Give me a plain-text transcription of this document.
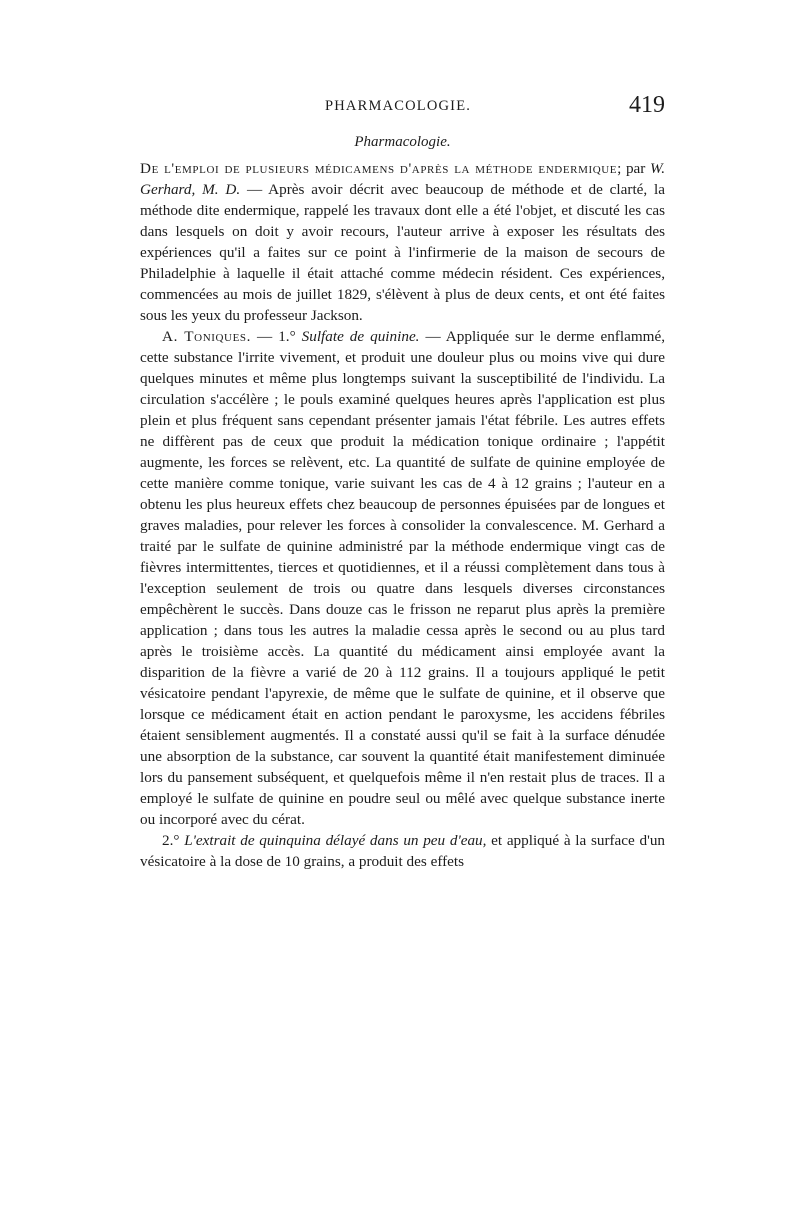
PHARMACOLOGIE.	419
Pharmacologie.

De l'emploi de plusieurs médicamens d'après la méthode endermique; par W. Gerhard, M. D. — Après avoir décrit avec beaucoup de méthode et de clarté, la méthode dite endermique, rappelé les travaux dont elle a été l'objet, et discuté les cas dans lesquels on doit y avoir recours, l'auteur arrive à exposer les résultats des expériences qu'il a faites sur ce point à l'infirmerie de la maison de secours de Philadelphie à laquelle il était attaché comme médecin résident. Ces expériences, commencées au mois de juillet 1829, s'élèvent à plus de deux cents, et ont été faites sous les yeux du professeur Jackson.

A. Toniques. — 1.° Sulfate de quinine. — Appliquée sur le derme enflammé, cette substance l'irrite vivement, et produit une douleur plus ou moins vive qui dure quelques minutes et même plus longtemps suivant la susceptibilité de l'individu. La circulation s'accélère ; le pouls examiné quelques heures après l'application est plus plein et plus fréquent sans cependant présenter jamais l'état fébrile. Les autres effets ne diffèrent pas de ceux que produit la médication tonique ordinaire ; l'appétit augmente, les forces se relèvent, etc. La quantité de sulfate de quinine employée de cette manière comme tonique, varie suivant les cas de 4 à 12 grains ; l'auteur en a obtenu les plus heureux effets chez beaucoup de personnes épuisées par de longues et graves maladies, pour relever les forces à consolider la convalescence. M. Gerhard a traité par le sulfate de quinine administré par la méthode endermique vingt cas de fièvres intermittentes, tierces et quotidiennes, et il a réussi complètement dans tous à l'exception seulement de trois ou quatre dans lesquels diverses circonstances empêchèrent le succès. Dans douze cas le frisson ne reparut plus après la première application ; dans tous les autres la maladie cessa après le second ou au plus tard après le troisième accès. La quantité du médicament ainsi employée avant la disparition de la fièvre a varié de 20 à 112 grains. Il a toujours appliqué le petit vésicatoire pendant l'apyrexie, de même que le sulfate de quinine, et il observe que lorsque ce médicament était en action pendant le paroxysme, les accidens fébriles étaient sensiblement augmentés. Il a constaté aussi qu'il se fait à la surface dénudée une absorption de la substance, car souvent la quantité était manifestement diminuée lors du pansement subséquent, et quelquefois même il n'en restait plus de traces. Il a employé le sulfate de quinine en poudre seul ou mêlé avec quelque substance inerte ou incorporé avec du cérat.

2.° L'extrait de quinquina délayé dans un peu d'eau, et appliqué à la surface d'un vésicatoire à la dose de 10 grains, a produit des effets
